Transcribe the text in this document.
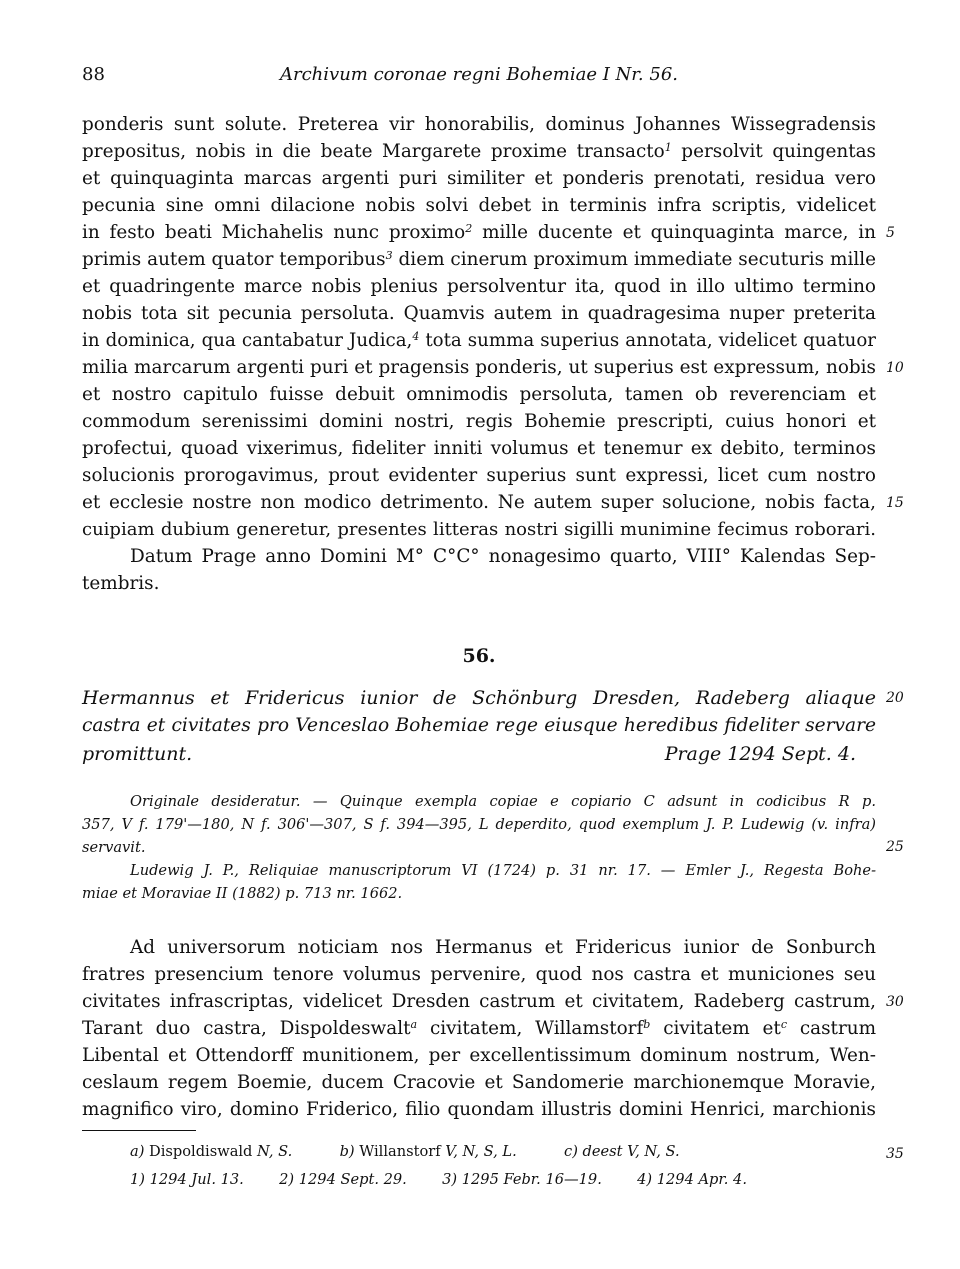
88	Archivum coronae regni Bohemiae I Nr. 56.
ponderis sunt solute. Preterea vir honorabilis, dominus Johannes Wissegradensis
prepositus, nobis in die beate Margarete proxime transacto$^1$ persolvit quingentas
et quinquaginta marcas argenti puri similiter et ponderis prenotati, residua vero
pecunia sine omni dilacione nobis solvi debet in terminis infra scriptis, videlicet
in festo beati Michahelis nunc proximo$^2$ mille ducente et quinquaginta marce, in
primis autem quator temporibus$^3$ diem cinerum proximum immediate secuturis mille
et quadringente marce nobis plenius persolventur ita, quod in illo ultimo termino
nobis tota sit pecunia persoluta. Quamvis autem in quadragesima nuper preterita
in dominica, qua cantabatur Judica,$^4$ tota summa superius annotata, videlicet quatuor
milia marcarum argenti puri et pragensis ponderis, ut superius est expressum, nobis
et nostro capitulo fuisse debuit omnimodis persoluta, tamen ob reverenciam et
commodum serenissimi domini nostri, regis Bohemie prescripti, cuius honori et
profectui, quoad vixerimus, fideliter inniti volumus et tenemur ex debito, terminos
solucionis prorogavimus, prout evidenter superius sunt expressi, licet cum nostro
et ecclesie nostre non modico detrimento. Ne autem super solucione, nobis facta,
cuipiam dubium generetur, presentes litteras nostri sigilli munimine fecimus roborari.
Datum Prage anno Domini M° C°C° nonagesimo quarto, VIII° Kalendas Sep-
tembris.
56.
Hermannus et Fridericus iunior de Schönburg Dresden, Radeberg aliaque
castra et civitates pro Venceslao Bohemiae rege eiusque heredibus fideliter servare
promittunt.	Prage 1294 Sept. 4.
Originale desideratur. — Quinque exempla copiae e copiario C adsunt in codicibus R p.
357, V f. 179'—180, N f. 306'—307, S f. 394—395, L deperdito, quod exemplum J. P. Ludewig (v. infra)
servavit.
Ludewig J. P., Reliquiae manuscriptorum VI (1724) p. 31 nr. 17. — Emler J., Regesta Bohe-
miae et Moraviae II (1882) p. 713 nr. 1662.
Ad universorum noticiam nos Hermanus et Fridericus iunior de Sonburch
fratres presencium tenore volumus pervenire, quod nos castra et municiones seu
civitates infrascriptas, videlicet Dresden castrum et civitatem, Radeberg castrum,
Tarant duo castra, Dispoldeswalt$^a$ civitatem, Willamstorf$^b$ civitatem $et^c$ castrum
Libental et Ottendorff munitionem, per excellentissimum dominum nostrum, Wen-
ceslaum regem Boemie, ducem Cracovie et Sandomerie marchionemque Moravie,
magnifico viro, domino Friderico, filio quondam illustris domini Henrici, marchionis
a) Dispoldiswald N, S.	b) Willanstorf V, N, S, L.	c) deest V, N, S.
1) 1294 Jul. 13. 2) 1294 Sept. 29. 3) 1295 Febr. 16—19. 4) 1294 Apr. 4.
5
10
15
20
25
30
35
